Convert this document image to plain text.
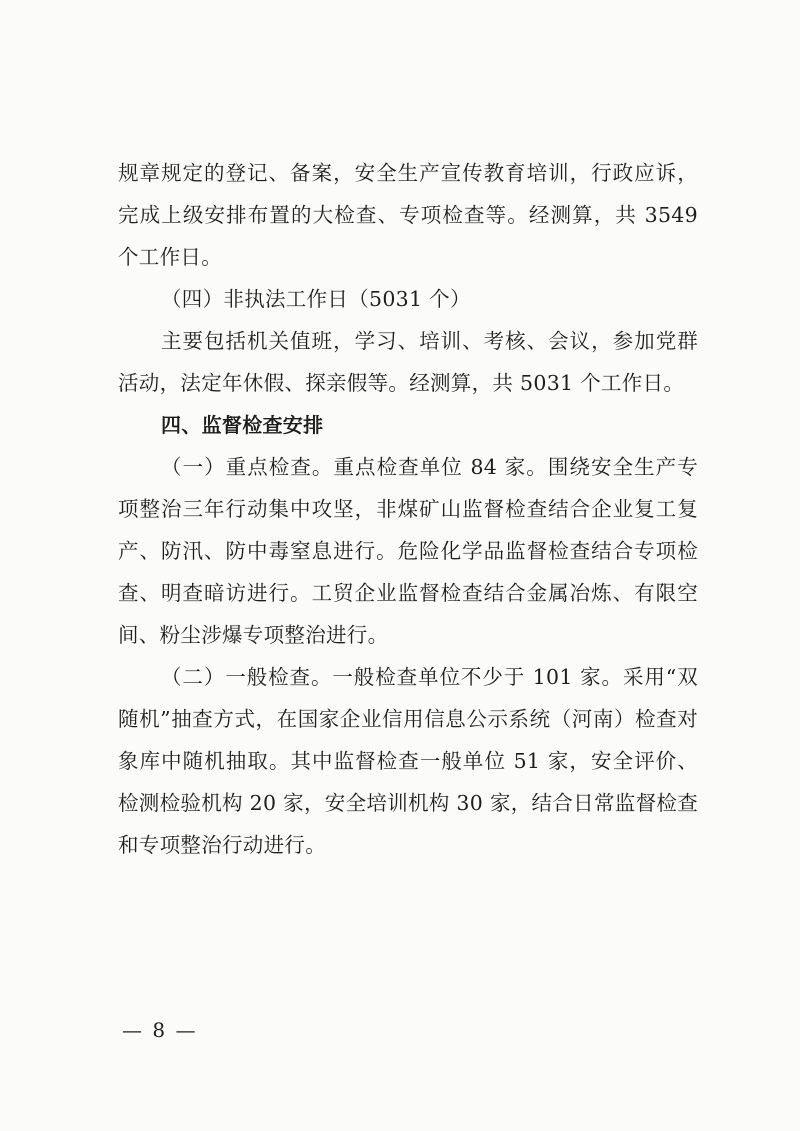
规章规定的登记、备案，安全生产宣传教育培训，行政应诉，完成上级安排布置的大检查、专项检查等。经测算，共 3549 个工作日。

（四）非执法工作日（5031 个）

主要包括机关值班，学习、培训、考核、会议，参加党群活动，法定年休假、探亲假等。经测算，共 5031 个工作日。

四、监督检查安排

（一）重点检查。重点检查单位 84 家。围绕安全生产专项整治三年行动集中攻坚，非煤矿山监督检查结合企业复工复产、防汛、防中毒窒息进行。危险化学品监督检查结合专项检查、明查暗访进行。工贸企业监督检查结合金属冶炼、有限空间、粉尘涉爆专项整治进行。

（二）一般检查。一般检查单位不少于 101 家。采用“双随机”抽查方式，在国家企业信用信息公示系统（河南）检查对象库中随机抽取。其中监督检查一般单位 51 家，安全评价、检测检验机构 20 家，安全培训机构 30 家，结合日常监督检查和专项整治行动进行。

— 8 —
